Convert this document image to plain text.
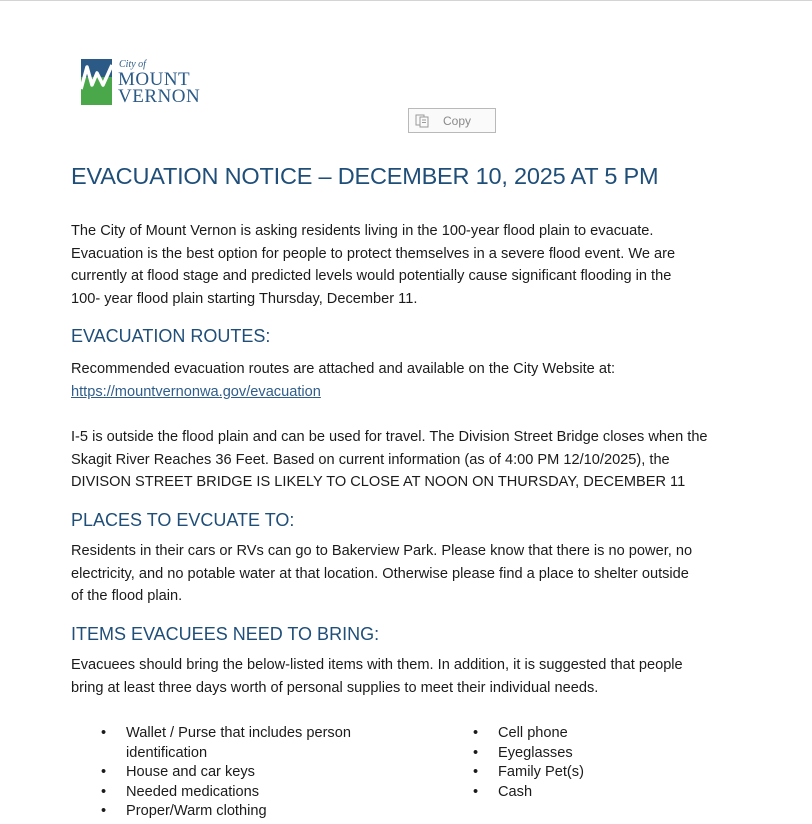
City of
MOUNT
VERNON
Copy
EVACUATION NOTICE – DECEMBER 10, 2025 AT 5 PM
The City of Mount Vernon is asking residents living in the 100-year flood plain to evacuate.
Evacuation is the best option for people to protect themselves in a severe flood event. We are
currently at flood stage and predicted levels would potentially cause significant flooding in the
100- year flood plain starting Thursday, December 11.
EVACUATION ROUTES:
Recommended evacuation routes are attached and available on the City Website at:
https://mountvernonwa.gov/evacuation
I-5 is outside the flood plain and can be used for travel. The Division Street Bridge closes when the
Skagit River Reaches 36 Feet. Based on current information (as of 4:00 PM 12/10/2025), the
DIVISON STREET BRIDGE IS LIKELY TO CLOSE AT NOON ON THURSDAY, DECEMBER 11
PLACES TO EVCUATE TO:
Residents in their cars or RVs can go to Bakerview Park. Please know that there is no power, no
electricity, and no potable water at that location. Otherwise please find a place to shelter outside
of the flood plain.
ITEMS EVACUEES NEED TO BRING:
Evacuees should bring the below-listed items with them. In addition, it is suggested that people
bring at least three days worth of personal supplies to meet their individual needs.
• Wallet / Purse that includes person
identification
• House and car keys
• Needed medications
• Proper/Warm clothing
• Cell phone
• Eyeglasses
• Family Pet(s)
• Cash
